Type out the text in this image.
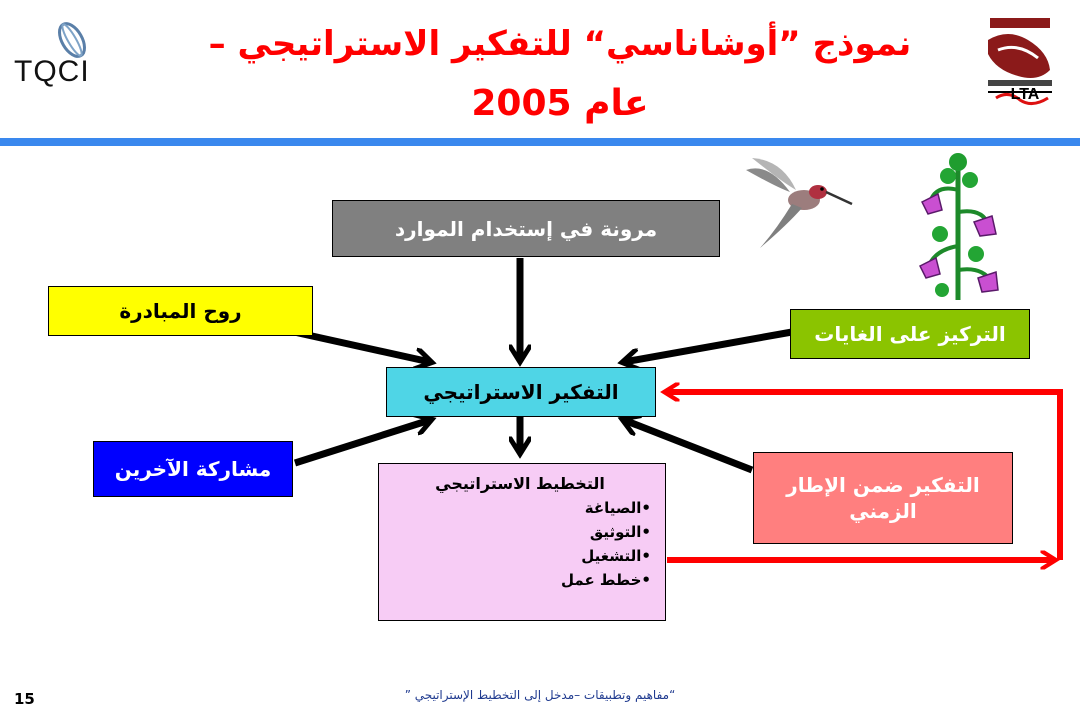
نموذج ”أوشاناسي“ للتفكير الاستراتيجي –
عام 2005
TQCI
LTA
مرونة في إستخدام الموارد
روح المبادرة
التركيز على الغايات
التفكير الاستراتيجي
مشاركة الآخرين
التفكير ضمن الإطار الزمني
التخطيط الاستراتيجي
•الصياغة
•التوثيق
•التشغيل
•خطط عمل
“مفاهيم وتطبيقات –مدخل إلى التخطيط الإستراتيجي ”
15
